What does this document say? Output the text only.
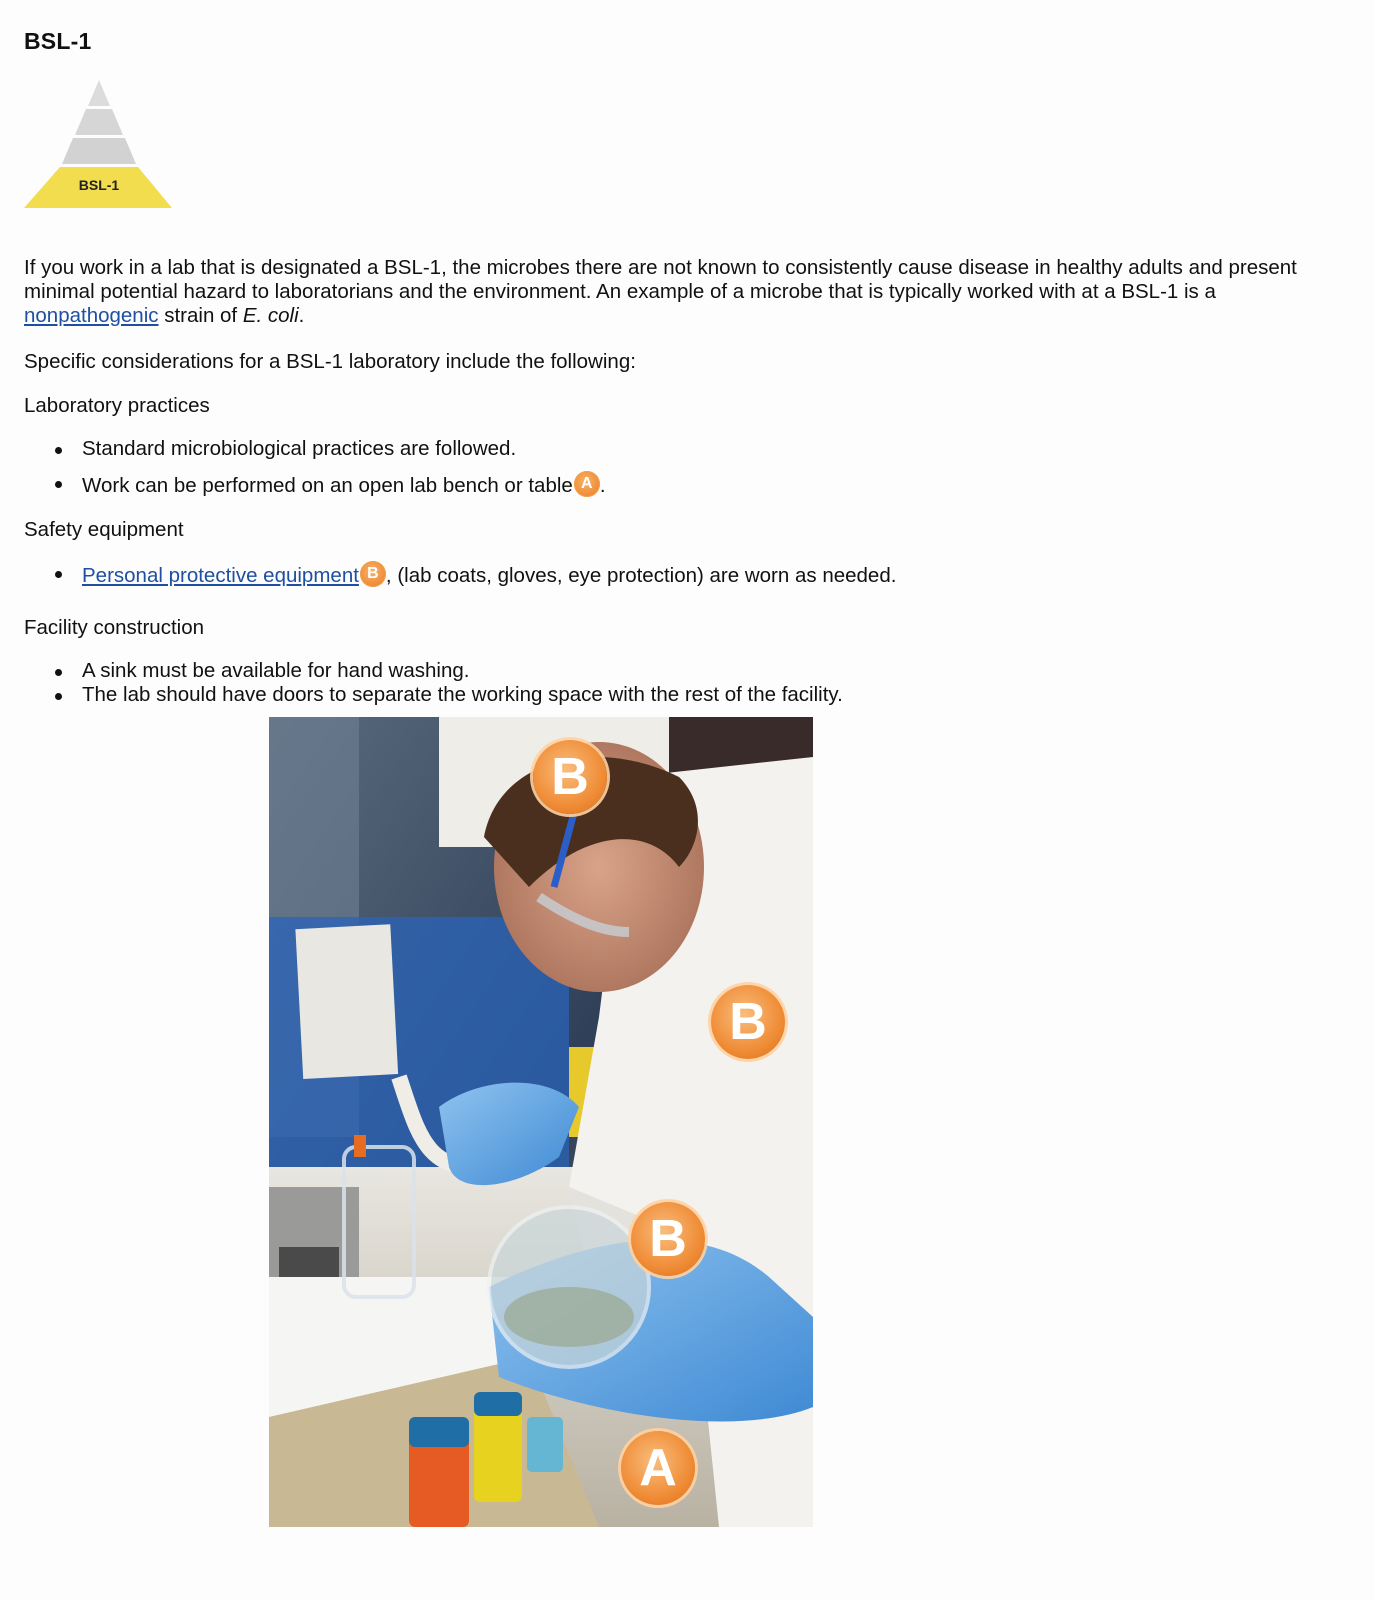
BSL-1
BSL-1

If you work in a lab that is designated a BSL-1, the microbes there are not known to consistently cause disease in healthy adults and present minimal potential hazard to laboratorians and the environment. An example of a microbe that is typically worked with at a BSL-1 is a nonpathogenic strain of E. coli.

Specific considerations for a BSL-1 laboratory include the following:

Laboratory practices

Standard microbiological practices are followed.
Work can be performed on an open lab bench or table A .

Safety equipment

Personal protective equipment B , (lab coats, gloves, eye protection) are worn as needed.

Facility construction

A sink must be available for hand washing.
The lab should have doors to separate the working space with the rest of the facility.
B
B
B
A
